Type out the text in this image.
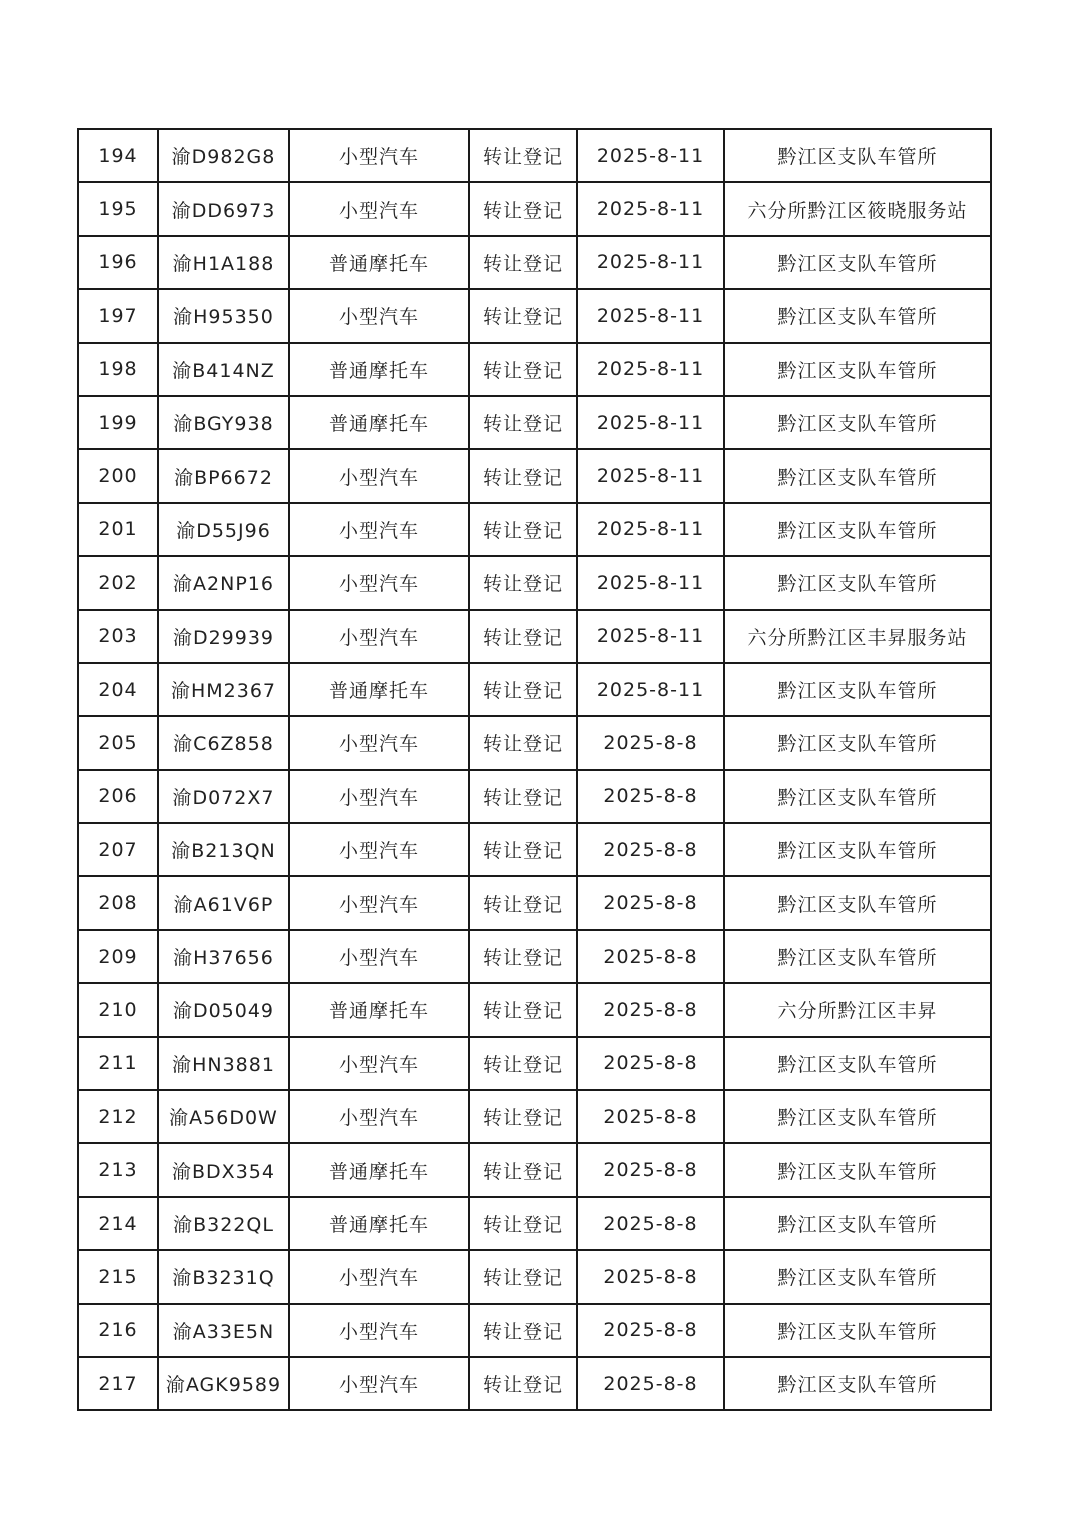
194	渝D982G8	小型汽车	转让登记	2025-8-11	黔江区支队车管所
195	渝DD6973	小型汽车	转让登记	2025-8-11	六分所黔江区筱晓服务站
196	渝H1A188	普通摩托车	转让登记	2025-8-11	黔江区支队车管所
197	渝H95350	小型汽车	转让登记	2025-8-11	黔江区支队车管所
198	渝B414NZ	普通摩托车	转让登记	2025-8-11	黔江区支队车管所
199	渝BGY938	普通摩托车	转让登记	2025-8-11	黔江区支队车管所
200	渝BP6672	小型汽车	转让登记	2025-8-11	黔江区支队车管所
201	渝D55J96	小型汽车	转让登记	2025-8-11	黔江区支队车管所
202	渝A2NP16	小型汽车	转让登记	2025-8-11	黔江区支队车管所
203	渝D29939	小型汽车	转让登记	2025-8-11	六分所黔江区丰昇服务站
204	渝HM2367	普通摩托车	转让登记	2025-8-11	黔江区支队车管所
205	渝C6Z858	小型汽车	转让登记	2025-8-8	黔江区支队车管所
206	渝D072X7	小型汽车	转让登记	2025-8-8	黔江区支队车管所
207	渝B213QN	小型汽车	转让登记	2025-8-8	黔江区支队车管所
208	渝A61V6P	小型汽车	转让登记	2025-8-8	黔江区支队车管所
209	渝H37656	小型汽车	转让登记	2025-8-8	黔江区支队车管所
210	渝D05049	普通摩托车	转让登记	2025-8-8	六分所黔江区丰昇
211	渝HN3881	小型汽车	转让登记	2025-8-8	黔江区支队车管所
212	渝A56D0W	小型汽车	转让登记	2025-8-8	黔江区支队车管所
213	渝BDX354	普通摩托车	转让登记	2025-8-8	黔江区支队车管所
214	渝B322QL	普通摩托车	转让登记	2025-8-8	黔江区支队车管所
215	渝B3231Q	小型汽车	转让登记	2025-8-8	黔江区支队车管所
216	渝A33E5N	小型汽车	转让登记	2025-8-8	黔江区支队车管所
217	渝AGK9589	小型汽车	转让登记	2025-8-8	黔江区支队车管所
